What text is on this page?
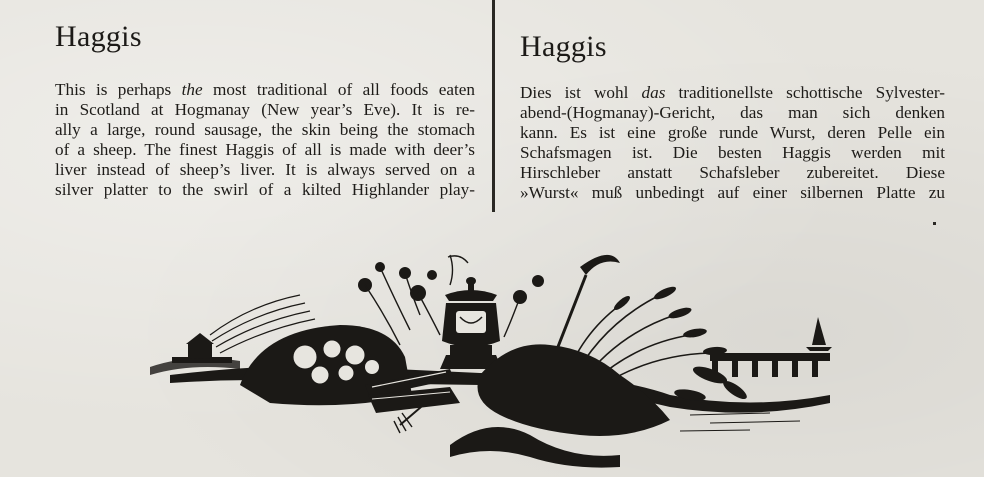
Haggis

This is perhaps the most traditional of all foods eaten
in Scotland at Hogmanay (New year’s Eve). It is re-
ally a large, round sausage, the skin being the stomach
of a sheep. The finest Haggis of all is made with deer’s
liver instead of sheep’s liver. It is always served on a
silver platter to the swirl of a kilted Highlander play-

Haggis

Dies ist wohl das traditionellste schottische Sylvester-
abend-(Hogmanay)-Gericht, das man sich denken
kann. Es ist eine große runde Wurst, deren Pelle ein
Schafsmagen ist. Die besten Haggis werden mit
Hirschleber anstatt Schafsleber zubereitet. Diese
»Wurst« muß unbedingt auf einer silbernen Platte zu
